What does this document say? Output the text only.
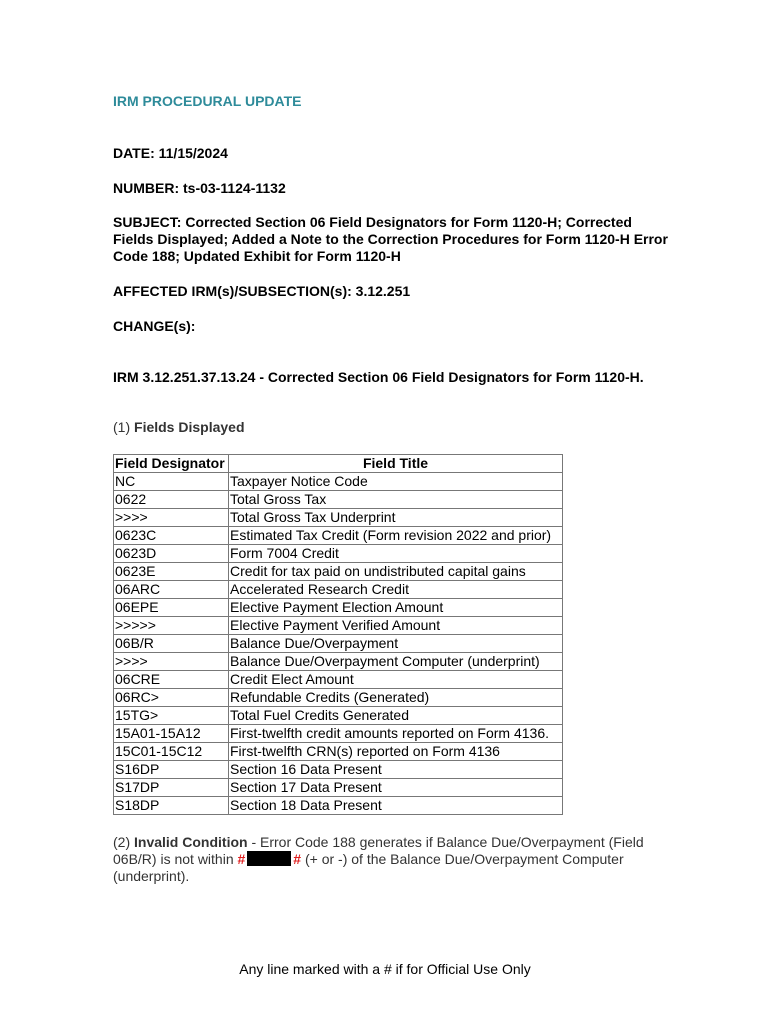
IRM PROCEDURAL UPDATE
DATE: 11/15/2024
NUMBER: ts-03-1124-1132
SUBJECT: Corrected Section 06 Field Designators for Form 1120-H; Corrected Fields Displayed; Added a Note to the Correction Procedures for Form 1120-H Error Code 188; Updated Exhibit for Form 1120-H
AFFECTED IRM(s)/SUBSECTION(s): 3.12.251
CHANGE(s):
IRM 3.12.251.37.13.24 - Corrected Section 06 Field Designators for Form 1120-H.
(1) Fields Displayed
Field Designator	Field Title
NC	Taxpayer Notice Code
0622	Total Gross Tax
>>>>	Total Gross Tax Underprint
0623C	Estimated Tax Credit (Form revision 2022 and prior)
0623D	Form 7004 Credit
0623E	Credit for tax paid on undistributed capital gains
06ARC	Accelerated Research Credit
06EPE	Elective Payment Election Amount
>>>>>	Elective Payment Verified Amount
06B/R	Balance Due/Overpayment
>>>>	Balance Due/Overpayment Computer (underprint)
06CRE	Credit Elect Amount
06RC>	Refundable Credits (Generated)
15TG>	Total Fuel Credits Generated
15A01-15A12	First-twelfth credit amounts reported on Form 4136.
15C01-15C12	First-twelfth CRN(s) reported on Form 4136
S16DP	Section 16 Data Present
S17DP	Section 17 Data Present
S18DP	Section 18 Data Present
(2) Invalid Condition - Error Code 188 generates if Balance Due/Overpayment (Field 06B/R) is not within #	# (+ or -) of the Balance Due/Overpayment Computer (underprint).
Any line marked with a # if for Official Use Only
